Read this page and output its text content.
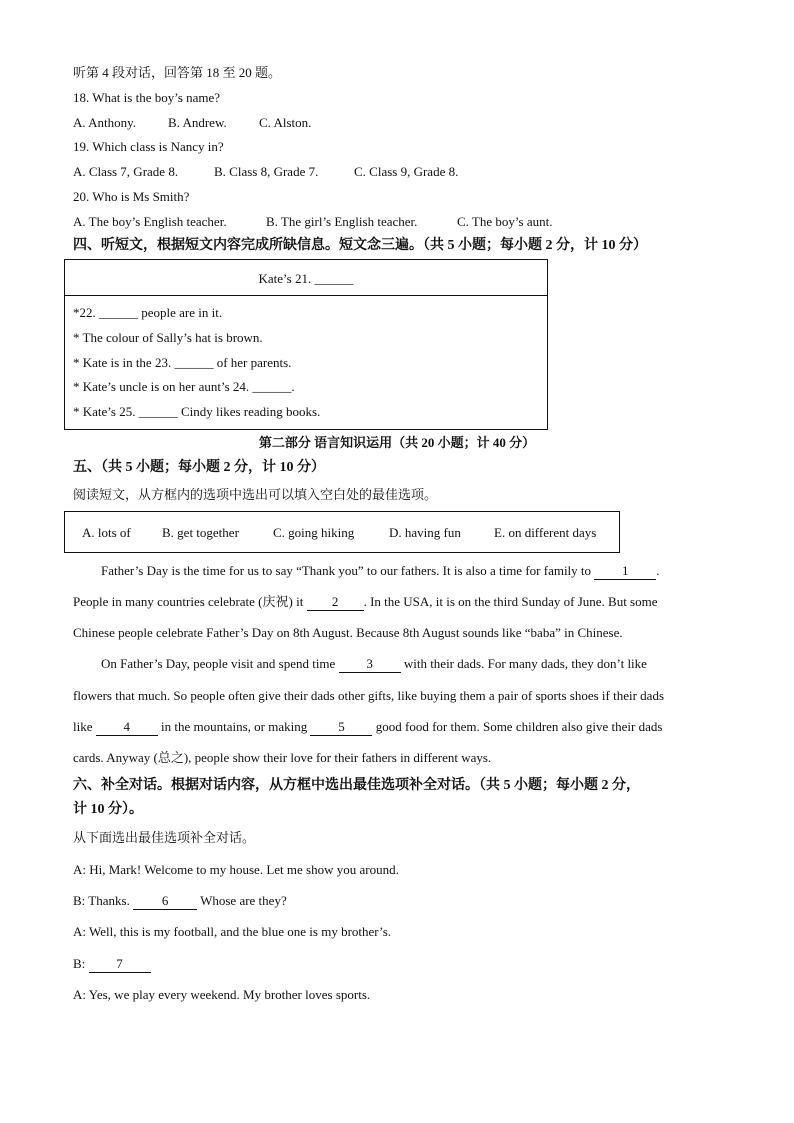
听第 4 段对话，回答第 18 至 20 题。
18. What is the boy’s name?
A. Anthony. B. Andrew. C. Alston.
19. Which class is Nancy in?
A. Class 7, Grade 8.	B. Class 8, Grade 7.	C. Class 9, Grade 8.
20. Who is Ms Smith?
A. The boy’s English teacher.	B. The girl’s English teacher.	C. The boy’s aunt.
四、听短文，根据短文内容完成所缺信息。短文念三遍。（共 5 小题；每小题 2 分，计 10 分）
Kate’s 21. ______
*22. ______ people are in it.
* The colour of Sally’s hat is brown.
* Kate is in the 23. ______ of her parents.
* Kate’s uncle is on her aunt’s 24. ______.
* Kate’s 25. ______ Cindy likes reading books.
第二部分 语言知识运用（共 20 小题；计 40 分）
五、（共 5 小题；每小题 2 分，计 10 分）
阅读短文，从方框内的选项中选出可以填入空白处的最佳选项。
A. lots of B. get together	C. going hiking	D. having fun	E. on different days
Father’s Day is the time for us to say “Thank you” to our fathers. It is also a time for family to 1 .
People in many countries celebrate (庆祝) it 2 . In the USA, it is on the third Sunday of June. But some
Chinese people celebrate Father’s Day on 8th August. Because 8th August sounds like “baba” in Chinese.
On Father’s Day, people visit and spend time 3 with their dads. For many dads, they don’t like
flowers that much. So people often give their dads other gifts, like buying them a pair of sports shoes if their dads
like 4 in the mountains, or making 5 good food for them. Some children also give their dads
cards. Anyway (总之), people show their love for their fathers in different ways.
六、补全对话。根据对话内容，从方框中选出最佳选项补全对话。（共 5 小题；每小题 2 分，
计 10 分）。
从下面选出最佳选项补全对话。
A: Hi, Mark! Welcome to my house. Let me show you around.
B: Thanks. 6 Whose are they?
A: Well, this is my football, and the blue one is my brother’s.
B: 7
A: Yes, we play every weekend. My brother loves sports.
